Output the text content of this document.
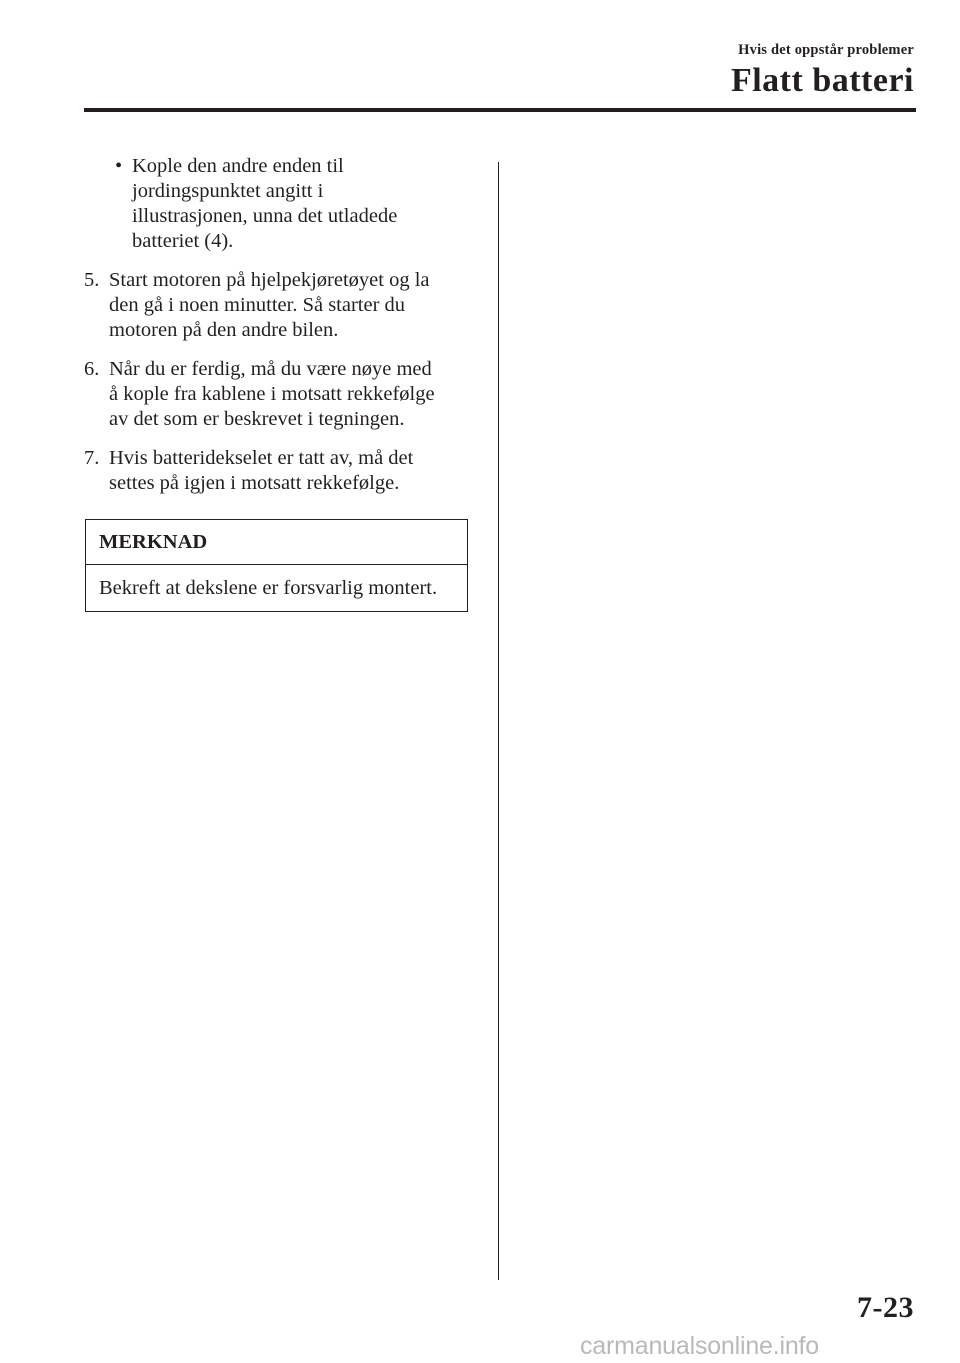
Hvis det oppstår problemer
Flatt batteri
• Kople den andre enden til
jordingspunktet angitt i
illustrasjonen, unna det utladede
batteriet (4).
5. Start motoren på hjelpekjøretøyet og la
den gå i noen minutter. Så starter du
motoren på den andre bilen.
6. Når du er ferdig, må du være nøye med
å kople fra kablene i motsatt rekkefølge
av det som er beskrevet i tegningen.
7. Hvis batteridekselet er tatt av, må det
settes på igjen i motsatt rekkefølge.
MERKNAD
Bekreft at dekslene er forsvarlig montert.
7-23
carmanualsonline.info
